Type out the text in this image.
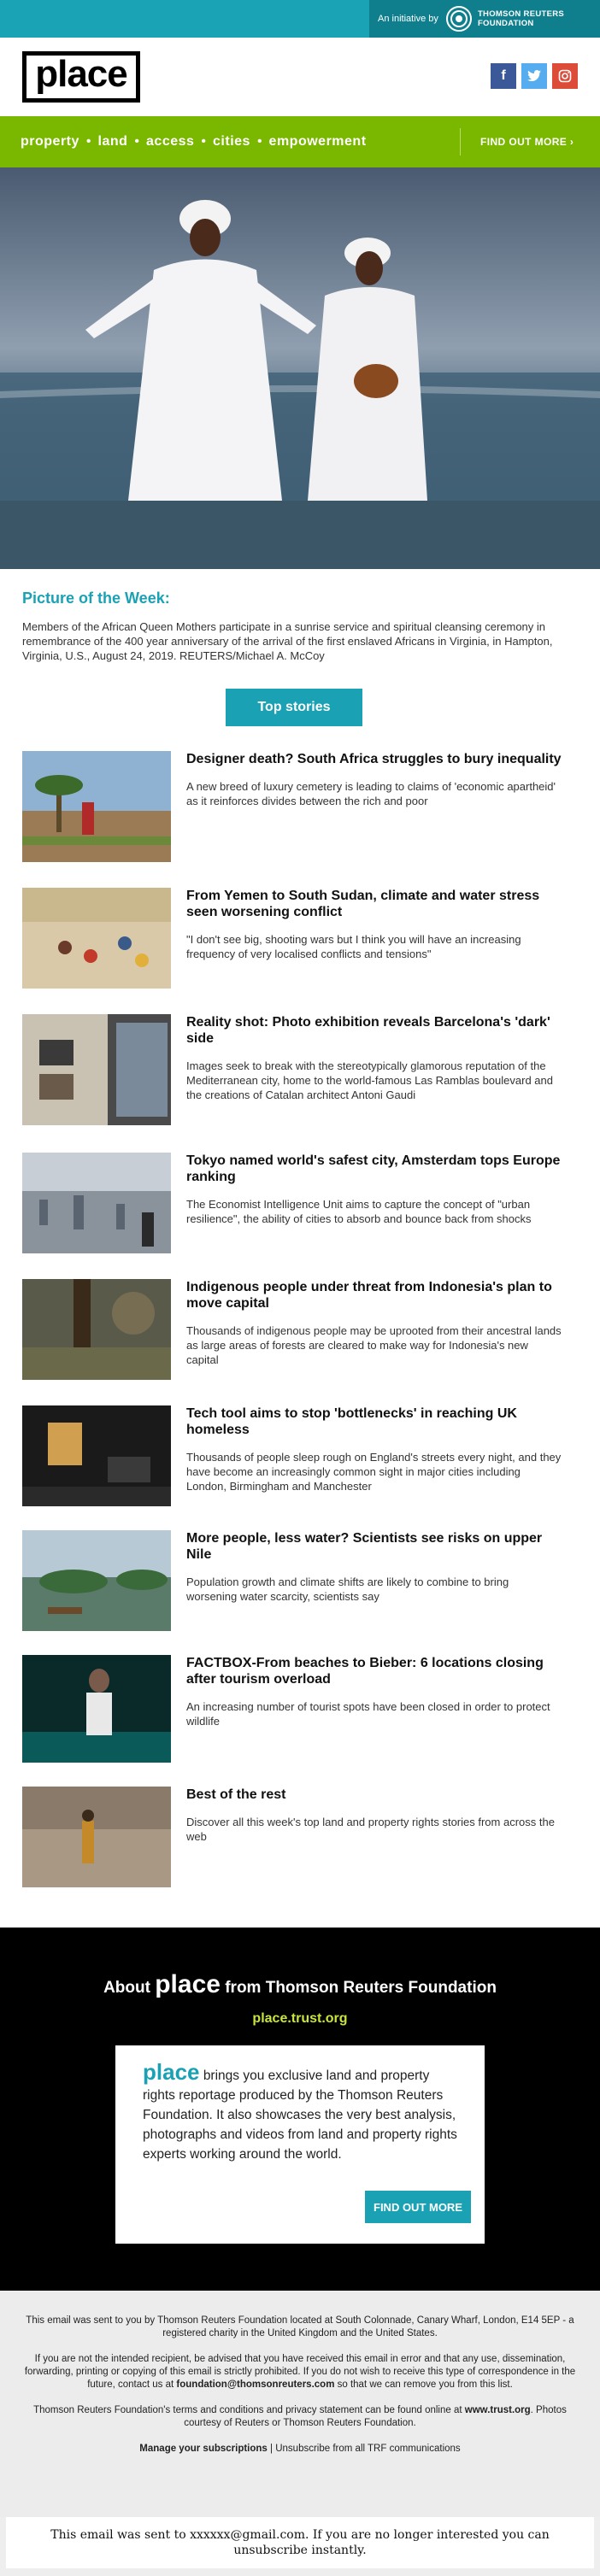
An initiative by	THOMSON REUTERS
FOUNDATION
place	f
property • land • access • cities • empowerment	FIND OUT MORE ›
Picture of the Week:
Members of the African Queen Mothers participate in a sunrise service and spiritual cleansing ceremony in remembrance of the 400 year anniversary of the arrival of the first enslaved Africans in Virginia, in Hampton, Virginia, U.S., August 24, 2019. REUTERS/Michael A. McCoy
Top stories
Designer death? South Africa struggles to bury inequality
A new breed of luxury cemetery is leading to claims of 'economic apartheid' as it reinforces divides between the rich and poor
From Yemen to South Sudan, climate and water stress seen worsening conflict
"I don't see big, shooting wars but I think you will have an increasing frequency of very localised conflicts and tensions"
Reality shot: Photo exhibition reveals Barcelona's 'dark' side
Images seek to break with the stereotypically glamorous reputation of the Mediterranean city, home to the world-famous Las Ramblas boulevard and the creations of Catalan architect Antoni Gaudi
Tokyo named world's safest city, Amsterdam tops Europe ranking
The Economist Intelligence Unit aims to capture the concept of "urban resilience", the ability of cities to absorb and bounce back from shocks
Indigenous people under threat from Indonesia's plan to move capital
Thousands of indigenous people may be uprooted from their ancestral lands as large areas of forests are cleared to make way for Indonesia's new capital
Tech tool aims to stop 'bottlenecks' in reaching UK homeless
Thousands of people sleep rough on England's streets every night, and they have become an increasingly common sight in major cities including London, Birmingham and Manchester
More people, less water? Scientists see risks on upper Nile
Population growth and climate shifts are likely to combine to bring worsening water scarcity, scientists say
FACTBOX-From beaches to Bieber: 6 locations closing after tourism overload
An increasing number of tourist spots have been closed in order to protect wildlife
Best of the rest
Discover all this week's top land and property rights stories from across the web
About place from Thomson Reuters Foundation
place.trust.org

place brings you exclusive land and property rights reportage produced by the Thomson Reuters Foundation. It also showcases the very best analysis, photographs and videos from land and property rights experts working around the world.

FIND OUT MORE

This email was sent to you by Thomson Reuters Foundation located at South Colonnade, Canary Wharf, London, E14 5EP - a registered charity in the United Kingdom and the United States.

If you are not the intended recipient, be advised that you have received this email in error and that any use, dissemination, forwarding, printing or copying of this email is strictly prohibited. If you do not wish to receive this type of correspondence in the future, contact us at foundation@thomsonreuters.com so that we can remove you from this list.

Thomson Reuters Foundation's terms and conditions and privacy statement can be found online at www.trust.org. Photos courtesy of Reuters or Thomson Reuters Foundation.

Manage your subscriptions | Unsubscribe from all TRF communications

This email was sent to xxxxxx@gmail.com. If you are no longer interested you can unsubscribe instantly.
